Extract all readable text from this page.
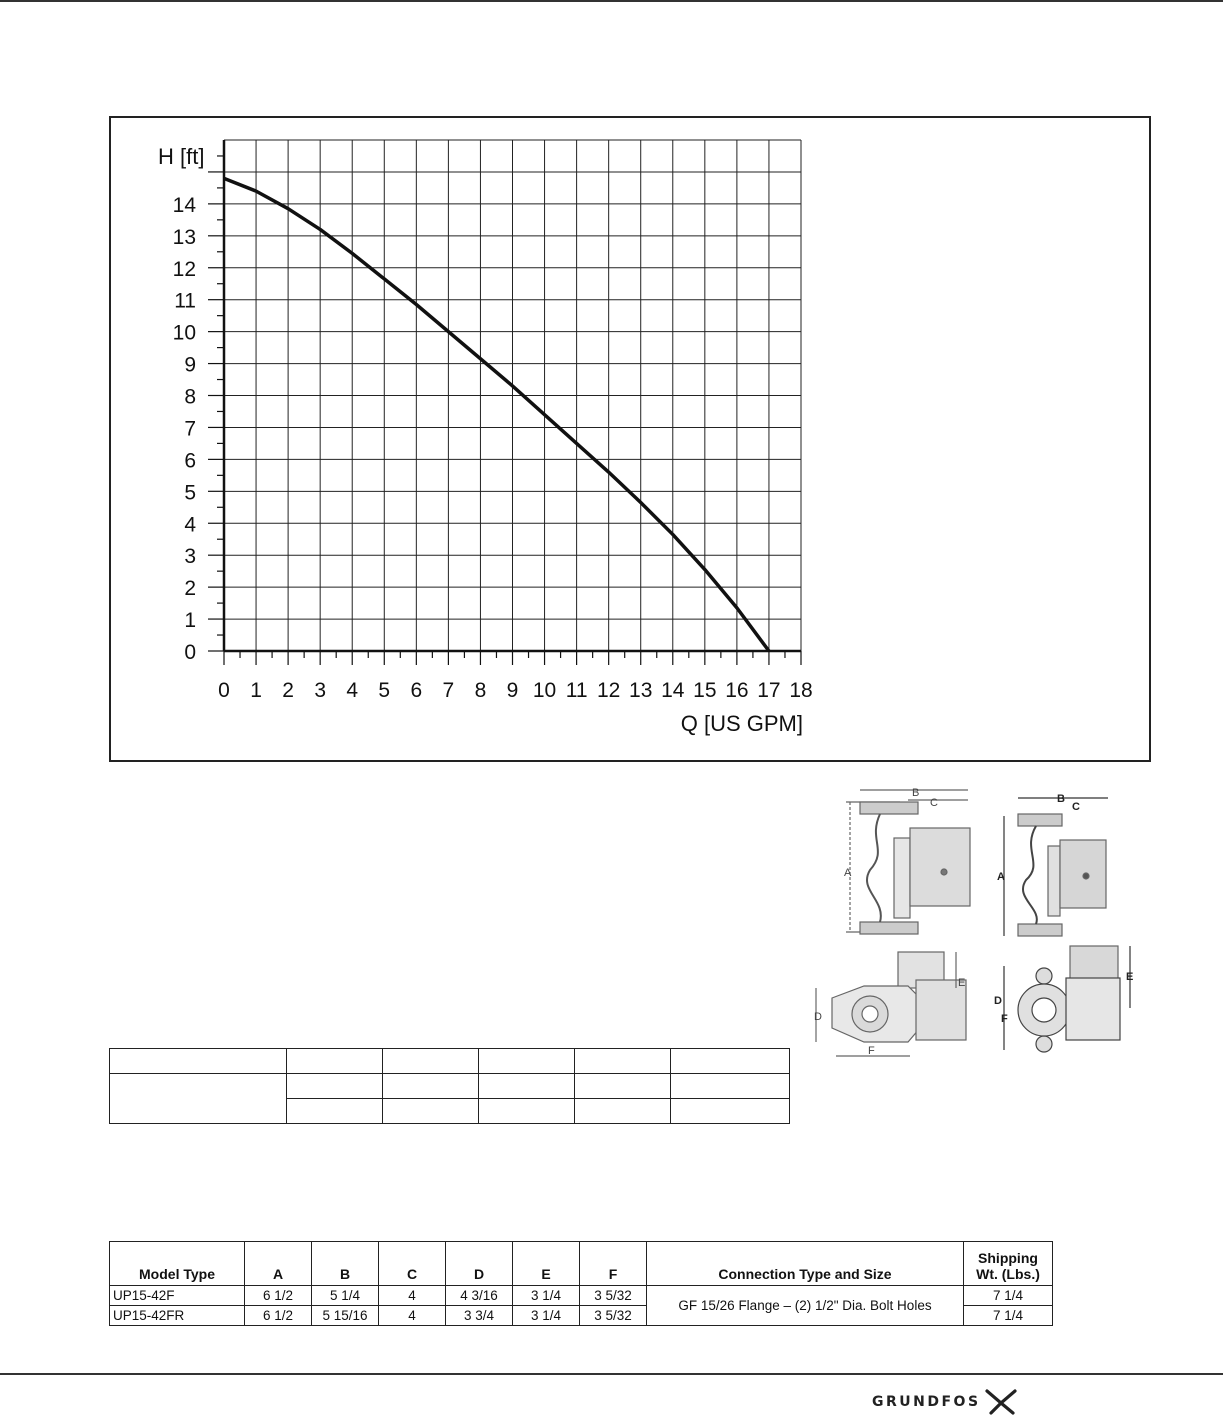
0
1
2
3
4
5
6
7
8
9
10
11
12
13
14
0 1 2 3 4 5 6 7 8 9 10 11 12 13 14 15 16 17 18
H [ft]
Q [US GPM]
B
C
A
B
C
A
E
D
F
E
D
F

Model Type	A	B	C	D	E	F	Connection Type and Size	Shipping
Wt. (Lbs.)
UP15-42F	6 1/2	5 1/4	4	4 3/16	3 1/4	3 5/32	GF 15/26 Flange – (2) 1/2" Dia. Bolt Holes	7 1/4
UP15-42FR	6 1/2	5 15/16	4	3 3/4	3 1/4	3 5/32		7 1/4
GRUNDFOS
